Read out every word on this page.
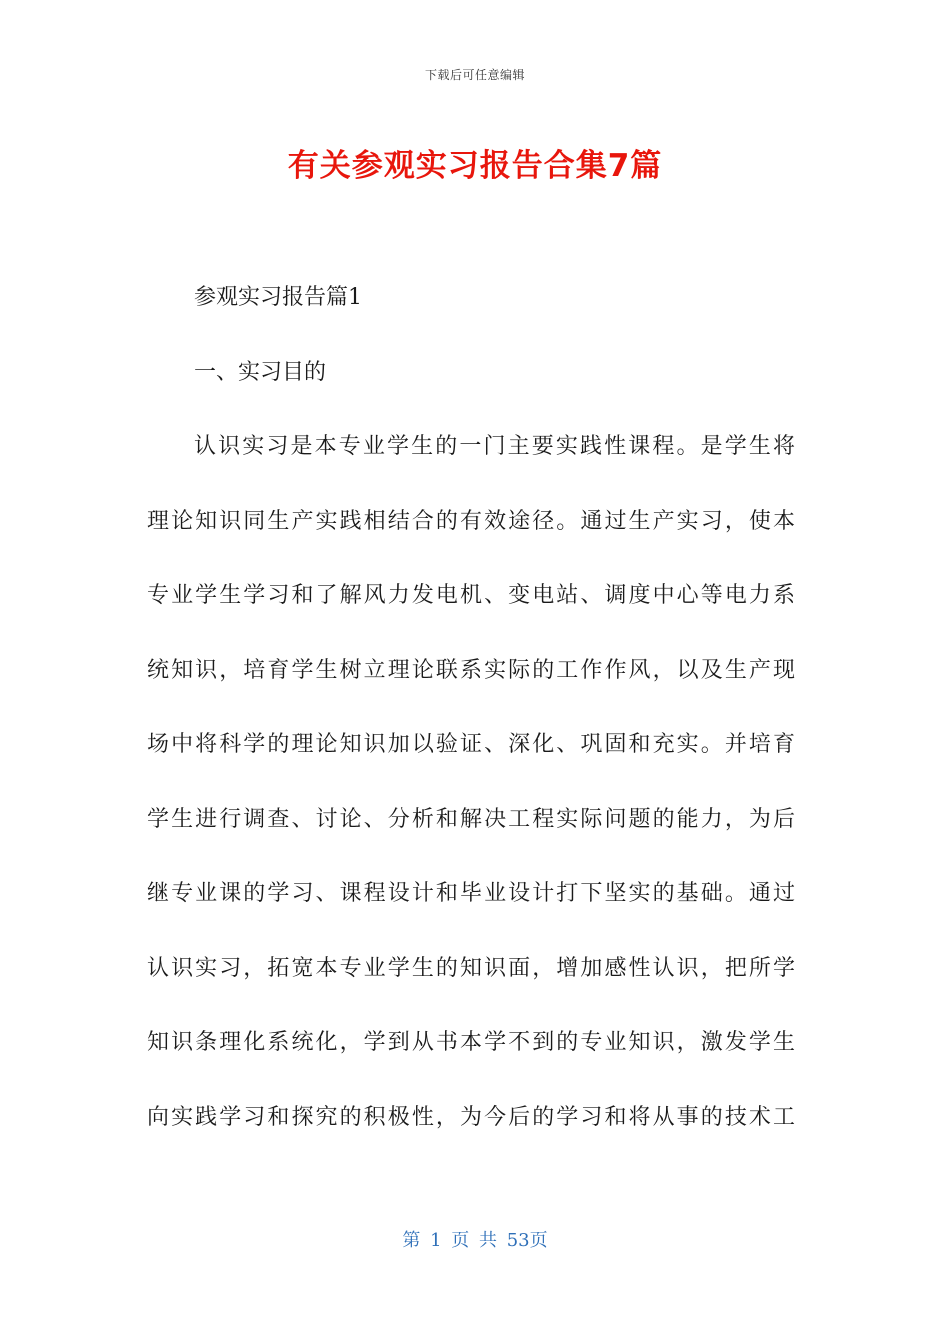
下载后可任意编辑
有关参观实习报告合集7篇
参观实习报告篇1
一、实习目的
认识实习是本专业学生的一门主要实践性课程。是学生将
理论知识同生产实践相结合的有效途径。通过生产实习，使本
专业学生学习和了解风力发电机、变电站、调度中心等电力系
统知识，培育学生树立理论联系实际的工作作风，以及生产现
场中将科学的理论知识加以验证、深化、巩固和充实。并培育
学生进行调查、讨论、分析和解决工程实际问题的能力，为后
继专业课的学习、课程设计和毕业设计打下坚实的基础。通过
认识实习，拓宽本专业学生的知识面，增加感性认识，把所学
知识条理化系统化，学到从书本学不到的专业知识，激发学生
向实践学习和探究的积极性，为今后的学习和将从事的技术工
第 1 页 共 53页
